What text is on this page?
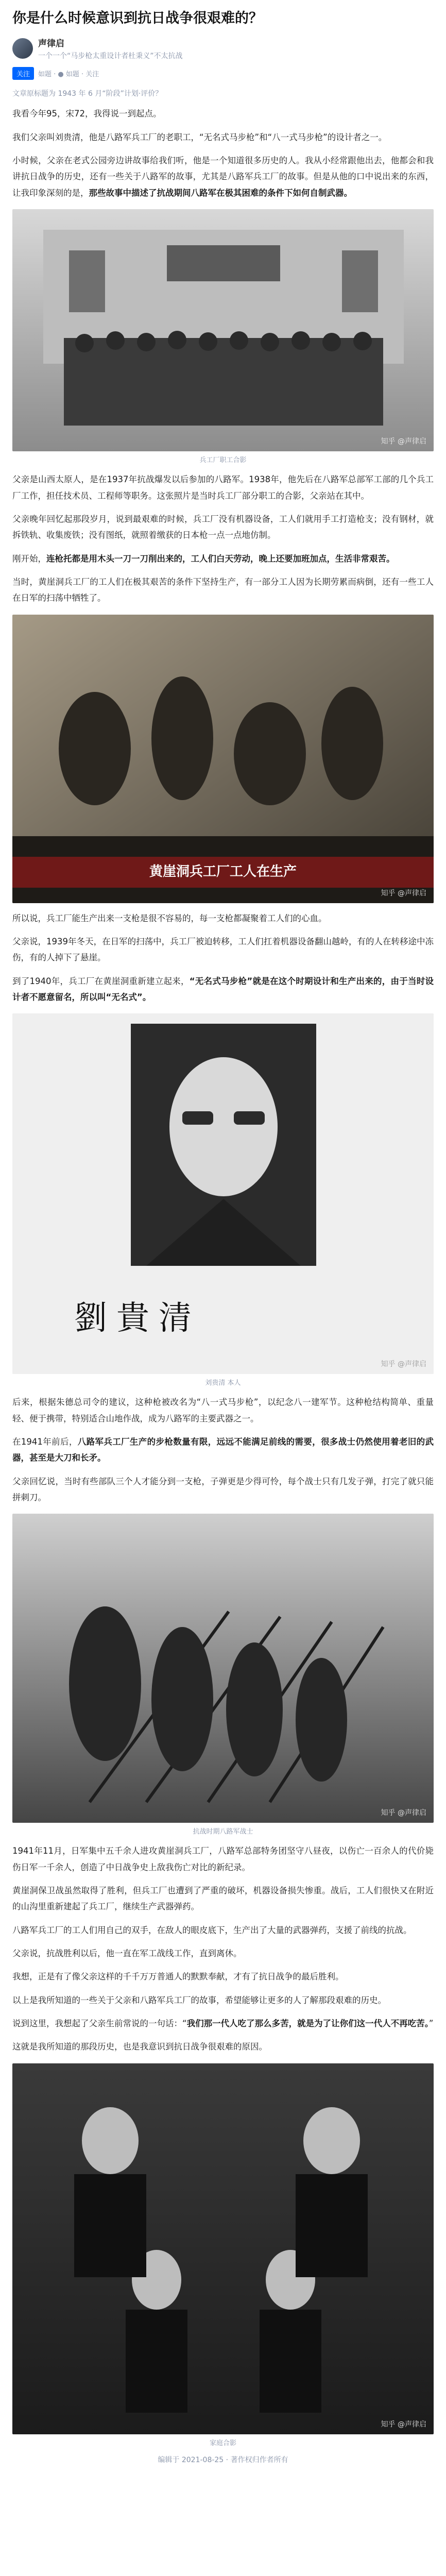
你是什么时候意识到抗日战争很艰难的？
声律启
一个一个“马步枪太重设计者杜秉义”不太抗战
关注	如题 · ● 如题 · 关注
文章原标题为 1943 年 6 月“阶段”计划·评价？

我看今年95，宋72，我得说一到起点。

我们父亲叫刘贵清，他是八路军兵工厂的老职工，“无名式马步枪”和“八一式马步枪”的设计者之一。

小时候，父亲在老式公园旁边讲故事给我们听，他是一个知道很多历史的人。我从小经常跟他出去，他都会和我讲抗日战争的历史，还有一些关于八路军的故事，尤其是八路军兵工厂的故事。但是从他的口中说出来的东西，让我印象深刻的是，那些故事中描述了抗战期间八路军在极其困难的条件下如何自制武器。

知乎 @声律启
兵工厂职工合影

父亲是山西太原人，是在1937年抗战爆发以后参加的八路军。1938年，他先后在八路军总部军工部的几个兵工厂工作，担任技术员、工程师等职务。这张照片是当时兵工厂部分职工的合影，父亲站在其中。

父亲晚年回忆起那段岁月，说到最艰难的时候，兵工厂没有机器设备，工人们就用手工打造枪支；没有钢材，就拆铁轨、收集废铁；没有图纸，就照着缴获的日本枪一点一点地仿制。

刚开始，连枪托都是用木头一刀一刀削出来的，工人们白天劳动，晚上还要加班加点，生活非常艰苦。

当时，黄崖洞兵工厂的工人们在极其艰苦的条件下坚持生产，有一部分工人因为长期劳累而病倒，还有一些工人在日军的扫荡中牺牲了。

黄崖洞兵工厂工人在生产
知乎 @声律启

所以说，兵工厂能生产出来一支枪是很不容易的，每一支枪都凝聚着工人们的心血。

父亲说，1939年冬天，在日军的扫荡中，兵工厂被迫转移，工人们扛着机器设备翻山越岭，有的人在转移途中冻伤，有的人掉下了悬崖。

到了1940年，兵工厂在黄崖洞重新建立起来，“无名式马步枪”就是在这个时期设计和生产出来的，由于当时设计者不愿意留名，所以叫“无名式”。

劉貴清
知乎 @声律启
刘贵清 本人

后来，根据朱德总司令的建议，这种枪被改名为“八一式马步枪”，以纪念八一建军节。这种枪结构简单、重量轻、便于携带，特别适合山地作战，成为八路军的主要武器之一。

在1941年前后，八路军兵工厂生产的步枪数量有限，远远不能满足前线的需要，很多战士仍然使用着老旧的武器，甚至是大刀和长矛。

父亲回忆说，当时有些部队三个人才能分到一支枪，子弹更是少得可怜，每个战士只有几发子弹，打完了就只能拼刺刀。

知乎 @声律启
抗战时期八路军战士

1941年11月，日军集中五千余人进攻黄崖洞兵工厂，八路军总部特务团坚守八昼夜，以伤亡一百余人的代价毙伤日军一千余人，创造了中日战争史上敌我伤亡对比的新纪录。

黄崖洞保卫战虽然取得了胜利，但兵工厂也遭到了严重的破坏，机器设备损失惨重。战后，工人们很快又在附近的山沟里重新建起了兵工厂，继续生产武器弹药。

八路军兵工厂的工人们用自己的双手，在敌人的眼皮底下，生产出了大量的武器弹药，支援了前线的抗战。

父亲说，抗战胜利以后，他一直在军工战线工作，直到离休。

我想，正是有了像父亲这样的千千万万普通人的默默奉献，才有了抗日战争的最后胜利。

以上是我所知道的一些关于父亲和八路军兵工厂的故事，希望能够让更多的人了解那段艰难的历史。

说到这里，我想起了父亲生前常说的一句话：“我们那一代人吃了那么多苦，就是为了让你们这一代人不再吃苦。”

这就是我所知道的那段历史，也是我意识到抗日战争很艰难的原因。

知乎 @声律启
家庭合影
编辑于 2021-08-25 · 著作权归作者所有
